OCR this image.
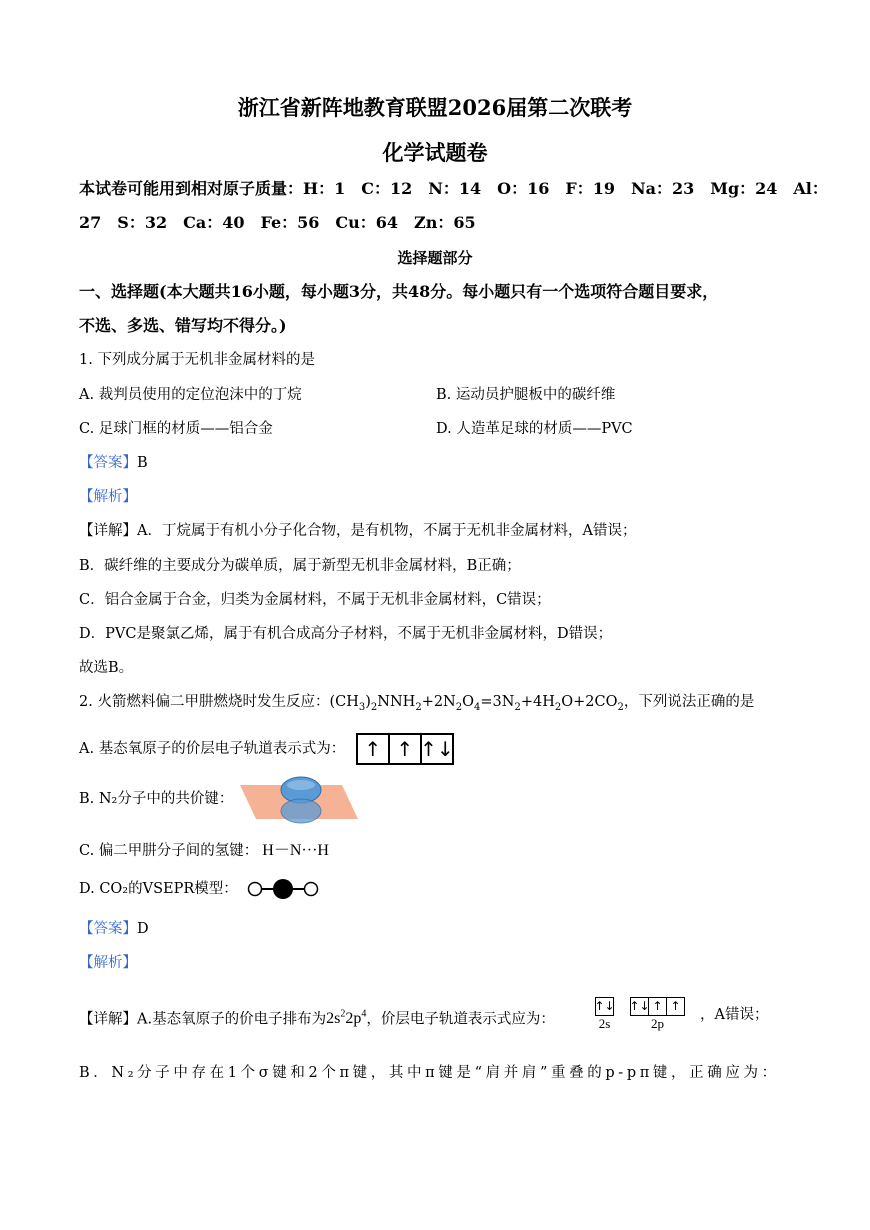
浙江省新阵地教育联盟2026届第二次联考
化学试题卷
本试卷可能用到相对原子质量：H：1　C：12　N：14　O：16　F：19　Na：23　Mg：24　Al：
27　S：32　Ca：40　Fe：56　Cu：64　Zn：65
选择题部分
一、选择题(本大题共16小题，每小题3分，共48分。每小题只有一个选项符合题目要求，
不选、多选、错写均不得分。)
1. 下列成分属于无机非金属材料的是
A. 裁判员使用的定位泡沫中的丁烷	B. 运动员护腿板中的碳纤维
C. 足球门框的材质——铝合金	D. 人造革足球的材质——PVC
【答案】B
【解析】
【详解】A．丁烷属于有机小分子化合物，是有机物，不属于无机非金属材料，A错误；
B．碳纤维的主要成分为碳单质，属于新型无机非金属材料，B正确；
C．铝合金属于合金，归类为金属材料，不属于无机非金属材料，C错误；
D．PVC是聚氯乙烯，属于有机合成高分子材料，不属于无机非金属材料，D错误；
故选B。
2. 火箭燃料偏二甲肼燃烧时发生反应：$(CH_3)_2NNH_2+2N_2O_4=3N_2+4H_2O+2CO_2$，下列说法正确的是
A. 基态氧原子的价层电子轨道表示式为： ↑ ↑ ↑↓
B. N₂分子中的共价键：
C. 偏二甲肼分子间的氢键： H－N···H
D. CO₂的VSEPR模型：
【答案】D
【解析】
【详解】A.基态氧原子的价电子排布为$2s^22p^4$，价层电子轨道表示式应为：
↑↓
2s
↑↓ ↑ ↑
2p	，A错误；
B．N₂分子中存在1个σ键和2个π键，其中π键是“肩并肩”重叠的p-pπ键，正确应为：
